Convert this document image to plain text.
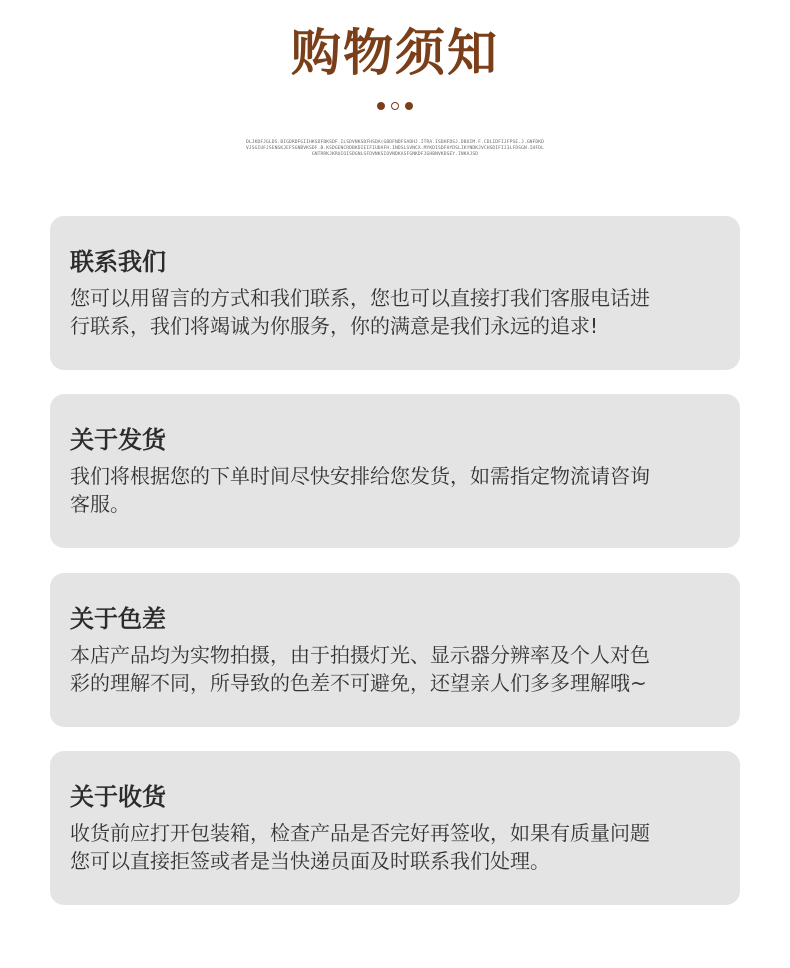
购物须知
DLJKDFJGLDS.BIGDRDFGIIHKSDFBKSDF.ILSDVNKSDFHSDA(GBDFNDFSADHJ.ITRA.ISDHFDSJ.DBUIM.F.CDLIDFIJFPSE.J.GNFDKDVJSGIUFJSENGKJEFSGNBVKSDF.B.KSDGENCRDBKDIEIFIUDAFH.INDSLSVNCX.MYKDISDFHYDSLIKYNDKJVCHSDIFIJ3LFDSGN.IHFDLGNTRRKJKRUIOISDGNLSFDVNKSIOVNDKASFGNKDFJGHBNVKDSEY.INKAJSD
联系我们
您可以用留言的方式和我们联系，您也可以直接打我们客服电话进
行联系，我们将竭诚为你服务，你的满意是我们永远的追求!
关于发货
我们将根据您的下单时间尽快安排给您发货，如需指定物流请咨询
客服。
关于色差
本店产品均为实物拍摄，由于拍摄灯光、显示器分辨率及个人对色
彩的理解不同，所导致的色差不可避免，还望亲人们多多理解哦~
关于收货
收货前应打开包装箱，检查产品是否完好再签收，如果有质量问题
您可以直接拒签或者是当快递员面及时联系我们处理。
